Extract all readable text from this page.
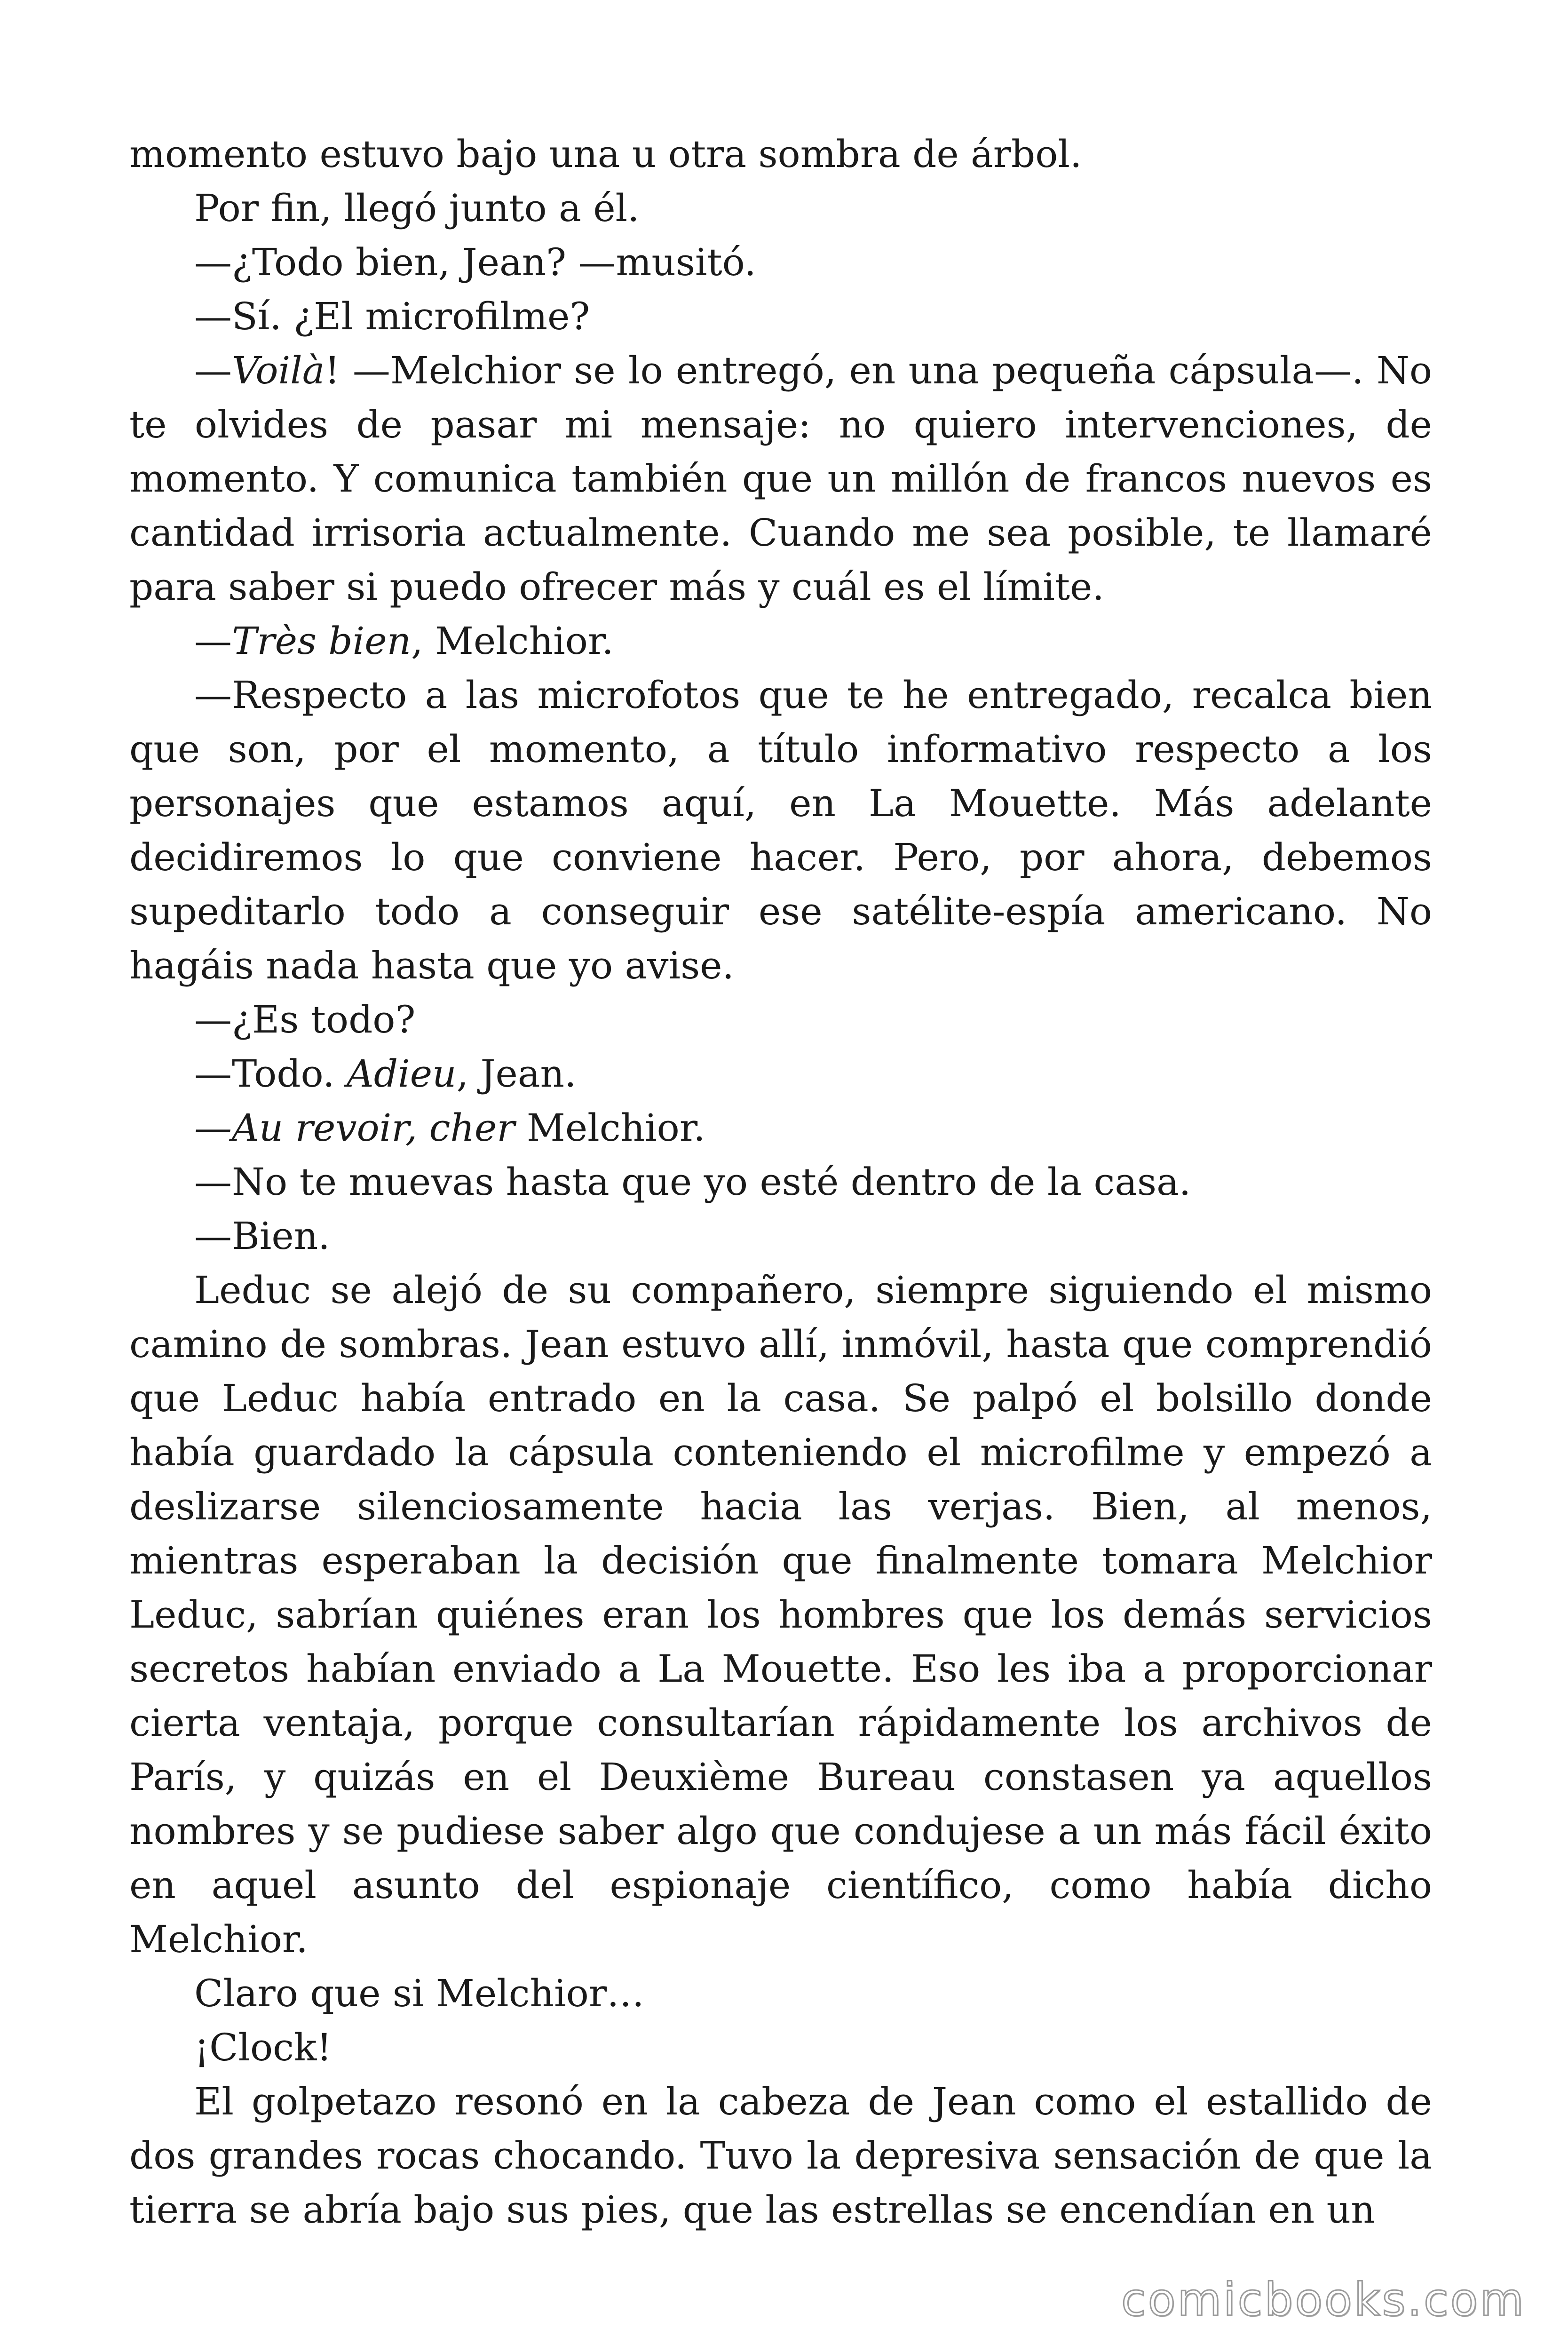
momento estuvo bajo una u otra sombra de árbol.

Por fin, llegó junto a él.

—¿Todo bien, Jean? —musitó.

—Sí. ¿El microfilme?

—Voilà! —Melchior se lo entregó, en una pequeña cápsula—. No te olvides de pasar mi mensaje: no quiero intervenciones, de momento. Y comunica también que un millón de francos nuevos es cantidad irrisoria actualmente. Cuando me sea posible, te llamaré para saber si puedo ofrecer más y cuál es el límite.

—Très bien, Melchior.

—Respecto a las microfotos que te he entregado, recalca bien que son, por el momento, a título informativo respecto a los personajes que estamos aquí, en La Mouette. Más adelante decidiremos lo que conviene hacer. Pero, por ahora, debemos supeditarlo todo a conseguir ese satélite-espía americano. No hagáis nada hasta que yo avise.

—¿Es todo?

—Todo. Adieu, Jean.

—Au revoir, cher Melchior.

—No te muevas hasta que yo esté dentro de la casa.

—Bien.

Leduc se alejó de su compañero, siempre siguiendo el mismo camino de sombras. Jean estuvo allí, inmóvil, hasta que comprendió que Leduc había entrado en la casa. Se palpó el bolsillo donde había guardado la cápsula conteniendo el microfilme y empezó a deslizarse silenciosamente hacia las verjas. Bien, al menos, mientras esperaban la decisión que finalmente tomara Melchior Leduc, sabrían quiénes eran los hombres que los demás servicios secretos habían enviado a La Mouette. Eso les iba a proporcionar cierta ventaja, porque consultarían rápidamente los archivos de París, y quizás en el Deuxième Bureau constasen ya aquellos nombres y se pudiese saber algo que condujese a un más fácil éxito en aquel asunto del espionaje científico, como había dicho Melchior.

Claro que si Melchior…

¡Clock!

El golpetazo resonó en la cabeza de Jean como el estallido de dos grandes rocas chocando. Tuvo la depresiva sensación de que la tierra se abría bajo sus pies, que las estrellas se encendían en un

comicbooks.com
